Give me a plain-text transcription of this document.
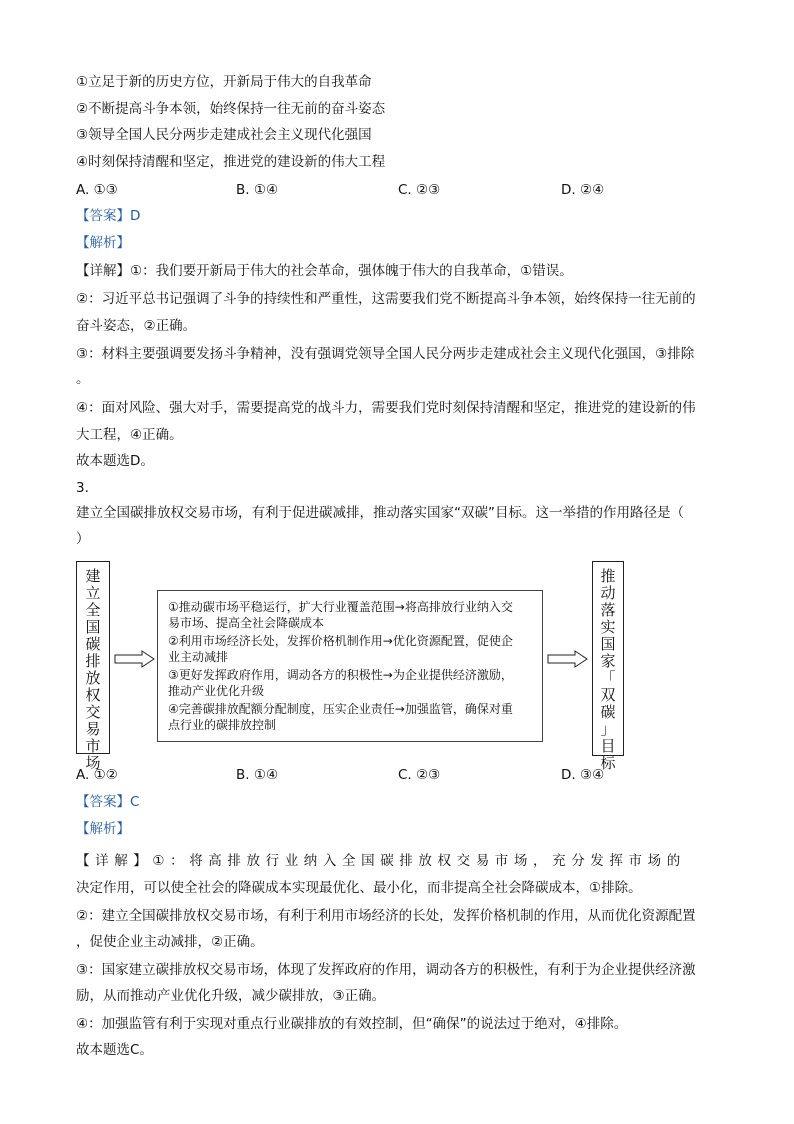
①立足于新的历史方位，开新局于伟大的自我革命
②不断提高斗争本领，始终保持一往无前的奋斗姿态
③领导全国人民分两步走建成社会主义现代化强国
④时刻保持清醒和坚定，推进党的建设新的伟大工程
A. ①③	B. ①④	C. ②③	D. ②④
【答案】D
【解析】
【详解】①：我们要开新局于伟大的社会革命，强体魄于伟大的自我革命，①错误。
②：习近平总书记强调了斗争的持续性和严重性，这需要我们党不断提高斗争本领，始终保持一往无前的
奋斗姿态，②正确。
③：材料主要强调要发扬斗争精神，没有强调党领导全国人民分两步走建成社会主义现代化强国，③排除
。
④：面对风险、强大对手，需要提高党的战斗力，需要我们党时刻保持清醒和坚定，推进党的建设新的伟
大工程，④正确。
故本题选D。
3.
建立全国碳排放权交易市场，有利于促进碳减排，推动落实国家“双碳”目标。这一举措的作用路径是（
）
建
立
全
国
碳
排
放
权
交
易
市
场
①推动碳市场平稳运行，扩大行业覆盖范围→将高排放行业纳入交
易市场、提高全社会降碳成本
②利用市场经济长处，发挥价格机制作用→优化资源配置，促使企
业主动减排
③更好发挥政府作用，调动各方的积极性→为企业提供经济激励，
推动产业优化升级
④完善碳排放配额分配制度，压实企业责任→加强监管，确保对重
点行业的碳排放控制
推
动
落
实
国
家
「
双
碳
」
目
标
A. ①②	B. ①④	C. ②③	D. ③④
【答案】C
【解析】
【详解】①：将高排放行业纳入全国碳排放权交易市场，充分发挥市场的
决定作用，可以使全社会的降碳成本实现最优化、最小化，而非提高全社会降碳成本，①排除。
②：建立全国碳排放权交易市场，有利于利用市场经济的长处，发挥价格机制的作用，从而优化资源配置
，促使企业主动减排，②正确。
③：国家建立碳排放权交易市场，体现了发挥政府的作用，调动各方的积极性，有利于为企业提供经济激
励，从而推动产业优化升级，减少碳排放，③正确。
④：加强监管有利于实现对重点行业碳排放的有效控制，但“确保”的说法过于绝对，④排除。
故本题选C。
